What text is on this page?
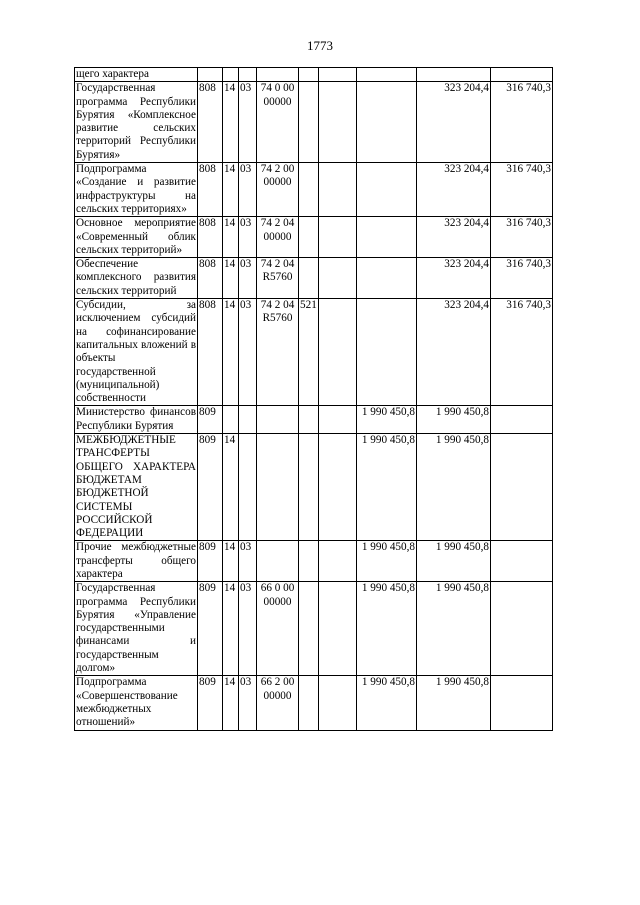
1773
щего характера									
Государственная программа Республики Бурятия «Комплексное развитие сельских территорий Республики Бурятия»	808	14	03	74 0 00 00000				323 204,4	316 740,3
Подпрограмма «Создание и развитие инфраструктуры на сельских территориях»	808	14	03	74 2 00 00000				323 204,4	316 740,3
Основное мероприятие «Современный облик сельских территорий»	808	14	03	74 2 04 00000				323 204,4	316 740,3
Обеспечение комплексного развития сельских территорий	808	14	03	74 2 04 R5760				323 204,4	316 740,3
Субсидии, за исключением субсидий на софинансирование капитальных вложений в объекты государственной (муниципальной) собственности	808	14	03	74 2 04 R5760	521			323 204,4	316 740,3
Министерство финансов Республики Бурятия	809						1 990 450,8	1 990 450,8	
МЕЖБЮДЖЕТНЫЕ ТРАНСФЕРТЫ ОБЩЕГО ХАРАКТЕРА БЮДЖЕТАМ БЮДЖЕТНОЙ СИСТЕМЫ РОССИЙСКОЙ ФЕДЕРАЦИИ	809	14					1 990 450,8	1 990 450,8	
Прочие межбюджетные трансферты общего характера	809	14	03				1 990 450,8	1 990 450,8	
Государственная программа Республики Бурятия «Управление государственными финансами и государственным долгом»	809	14	03	66 0 00 00000			1 990 450,8	1 990 450,8	
Подпрограмма «Совершенствование межбюджетных отношений»	809	14	03	66 2 00 00000			1 990 450,8	1 990 450,8	
